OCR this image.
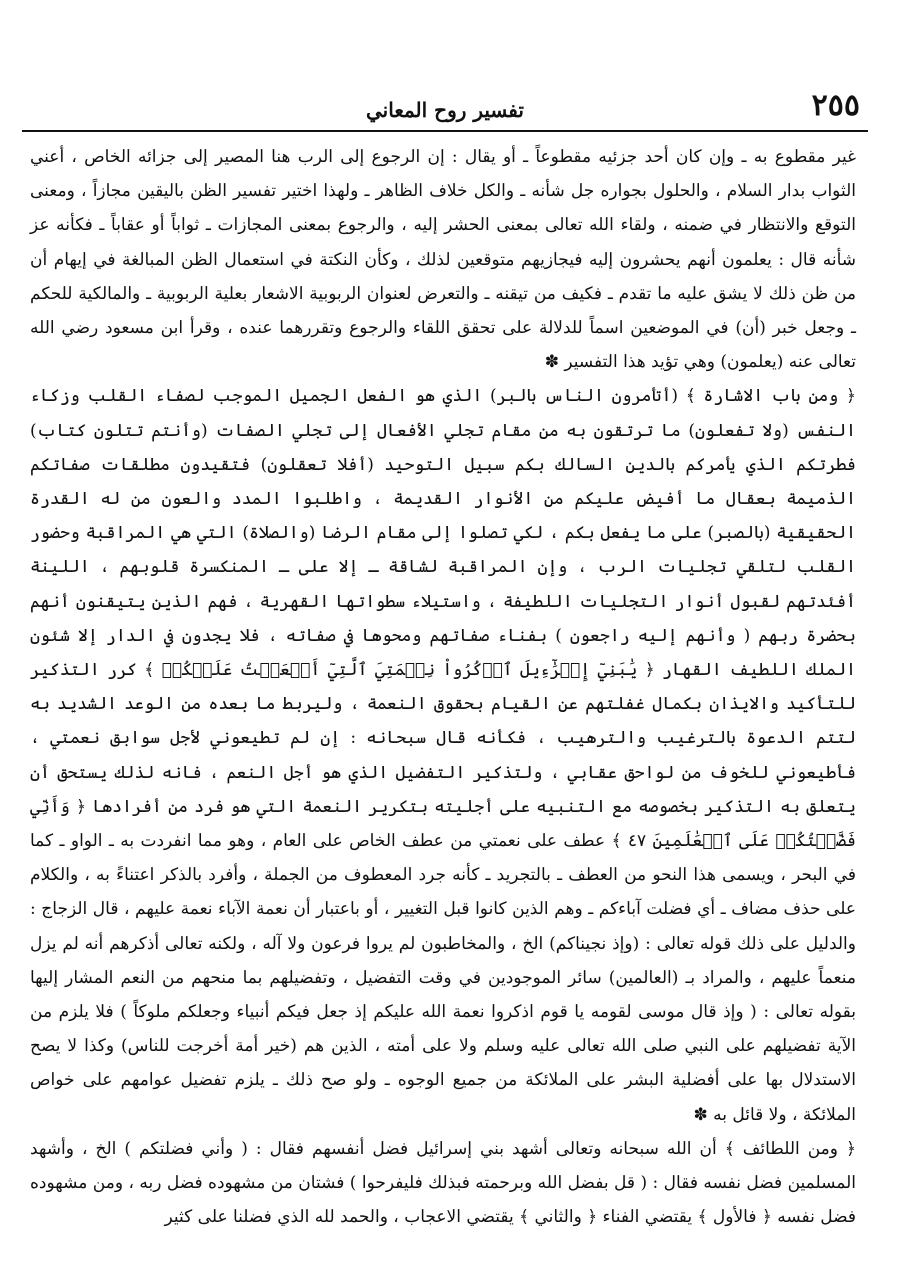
٢٥٥
تفسير روح المعاني

غير مقطوع به ـ وإن كان أحد جزئيه مقطوعاً ـ أو يقال : إن الرجوع إلى الرب هنا المصير إلى جزائه الخاص ، أعني الثواب بدار السلام ، والحلول بجواره جل شأنه ـ والكل خلاف الظاهر ـ ولهذا اختير تفسير الظن باليقين مجازاً ، ومعنى التوقع والانتظار في ضمنه ، ولقاء الله تعالى بمعنى الحشر إليه ، والرجوع بمعنى المجازات ـ ثواباً أو عقاباً ـ فكأنه عز شأنه قال : يعلمون أنهم يحشرون إليه فيجازيهم متوقعين لذلك ، وكأن النكتة في استعمال الظن المبالغة في إيهام أن من ظن ذلك لا يشق عليه ما تقدم ـ فكيف من تيقنه ـ والتعرض لعنوان الربوبية الاشعار بعلية الربوبية ـ والمالكية للحكم ـ وجعل خبر (أن) في الموضعين اسماً للدلالة على تحقق اللقاء والرجوع وتقررهما عنده ، وقرأ ابن مسعود رضي الله تعالى عنه (يعلمون) وهي تؤيد هذا التفسير ✽

﴿ ومن باب الاشارة ﴾ (أتأمرون الناس بالبر) الذي هو الفعل الجميل الموجب لصفاء القلب وزكاء النفس (ولا تفعلون) ما ترتقون به من مقام تجلي الأفعال إلى تجلي الصفات (وأنتم تتلون كتاب) فطرتكم الذي يأمركم بالدين السالك بكم سبيل التوحيد (أفلا تعقلون) فتقيدون مطلقات صفاتكم الذميمة بعقال ما أفيض عليكم من الأنوار القديمة ، واطلبوا المدد والعون من له القدرة الحقيقية (بالصبر) على ما يفعل بكم ، لكي تصلوا إلى مقام الرضا (والصلاة) التي هي المراقبة وحضور القلب لتلقي تجليات الرب ، وإن المراقبة لشاقة ـ إلا على ـ المنكسرة قلوبهم ، اللينة أفئدتهم لقبول أنوار التجليات اللطيفة ، واستيلاء سطواتها القهرية ، فهم الذين يتيقنون أنهم بحضرة ربهم ( وأنهم إليه راجعون ) بفناء صفاتهم ومحوها في صفاته ، فلا يجدون في الدار إلا شئون الملك اللطيف القهار ﴿ يَٰبَنِيٓ إِسۡرَٰٓءِيلَ ٱذۡكُرُواْ نِعۡمَتِيَ ٱلَّتِيٓ أَنۡعَمۡتُ عَلَيۡكُمۡ ﴾ كرر التذكير للتأكيد والايذان بكمال غفلتهم عن القيام بحقوق النعمة ، وليربط ما بعده من الوعد الشديد به لتتم الدعوة بالترغيب والترهيب ، فكأنه قال سبحانه : إن لم تطيعوني لأجل سوابق نعمتي ، فأطيعوني للخوف من لواحق عقابي ، ولتذكير التفضيل الذي هو أجل النعم ، فانه لذلك يستحق أن يتعلق به التذكير بخصوصه مع التنبيه على أجليته بتكرير النعمة التي هو فرد من أفرادها ﴿ وَأَنِّي فَضَّلۡتُكُمۡ عَلَى ٱلۡعَٰلَمِينَ ٤٧ ﴾ عطف على نعمتي من عطف الخاص على العام ، وهو مما انفردت به ـ الواو ـ كما في البحر ، ويسمى هذا النحو من العطف ـ بالتجريد ـ كأنه جرد المعطوف من الجملة ، وأفرد بالذكر اعتناءً به ، والكلام على حذف مضاف ـ أي فضلت آباءكم ـ وهم الذين كانوا قبل التغيير ، أو باعتبار أن نعمة الآباء نعمة عليهم ، قال الزجاج : والدليل على ذلك قوله تعالى : (وإذ نجيناكم) الخ ، والمخاطبون لم يروا فرعون ولا آله ، ولكنه تعالى أذكرهم أنه لم يزل منعماً عليهم ، والمراد بـ (العالمين) سائر الموجودين في وقت التفضيل ، وتفضيلهم بما منحهم من النعم المشار إليها بقوله تعالى : ( وإذ قال موسى لقومه يا قوم اذكروا نعمة الله عليكم إذ جعل فيكم أنبياء وجعلكم ملوكاً ) فلا يلزم من الآية تفضيلهم على النبي صلى الله تعالى عليه وسلم ولا على أمته ، الذين هم (خير أمة أخرجت للناس) وكذا لا يصح الاستدلال بها على أفضلية البشر على الملائكة من جميع الوجوه ـ ولو صح ذلك ـ يلزم تفضيل عوامهم على خواص الملائكة ، ولا قائل به ✽

﴿ ومن اللطائف ﴾ أن الله سبحانه وتعالى أشهد بني إسرائيل فضل أنفسهم فقال : ( وأني فضلتكم ) الخ ، وأشهد المسلمين فضل نفسه فقال : ( قل بفضل الله وبرحمته فبذلك فليفرحوا ) فشتان من مشهوده فضل ربه ، ومن مشهوده فضل نفسه ﴿ فالأول ﴾ يقتضي الفناء ﴿ والثاني ﴾ يقتضي الاعجاب ، والحمد لله الذي فضلنا على كثير
